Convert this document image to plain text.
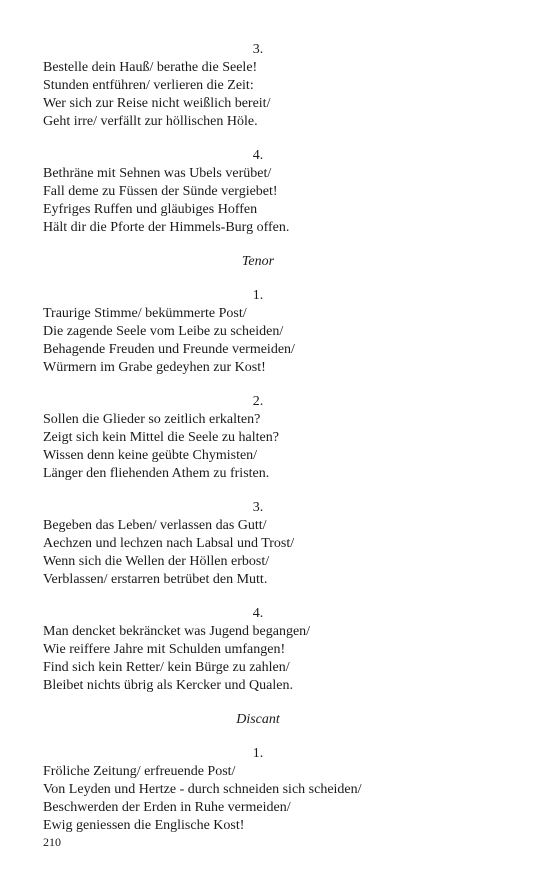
3.
Bestelle dein Hauß/ berathe die Seele!
Stunden entführen/ verlieren die Zeit:
Wer sich zur Reise nicht weißlich bereit/
Geht irre/ verfällt zur höllischen Höle.
4.
Bethräne mit Sehnen was Ubels verübet/
Fall deme zu Füssen der Sünde vergiebet!
Eyfriges Ruffen und gläubiges Hoffen
Hält dir die Pforte der Himmels-Burg offen.
Tenor
1.
Traurige Stimme/ bekümmerte Post/
Die zagende Seele vom Leibe zu scheiden/
Behagende Freuden und Freunde vermeiden/
Würmern im Grabe gedeyhen zur Kost!
2.
Sollen die Glieder so zeitlich erkalten?
Zeigt sich kein Mittel die Seele zu halten?
Wissen denn keine geübte Chymisten/
Länger den fliehenden Athem zu fristen.
3.
Begeben das Leben/ verlassen das Gutt/
Aechzen und lechzen nach Labsal und Trost/
Wenn sich die Wellen der Höllen erbost/
Verblassen/ erstarren betrübet den Mutt.
4.
Man dencket bekräncket was Jugend begangen/
Wie reiffere Jahre mit Schulden umfangen!
Find sich kein Retter/ kein Bürge zu zahlen/
Bleibet nichts übrig als Kercker und Qualen.
Discant
1.
Fröliche Zeitung/ erfreuende Post/
Von Leyden und Hertze - durch schneiden sich scheiden/
Beschwerden der Erden in Ruhe vermeiden/
Ewig geniessen die Englische Kost!
210
